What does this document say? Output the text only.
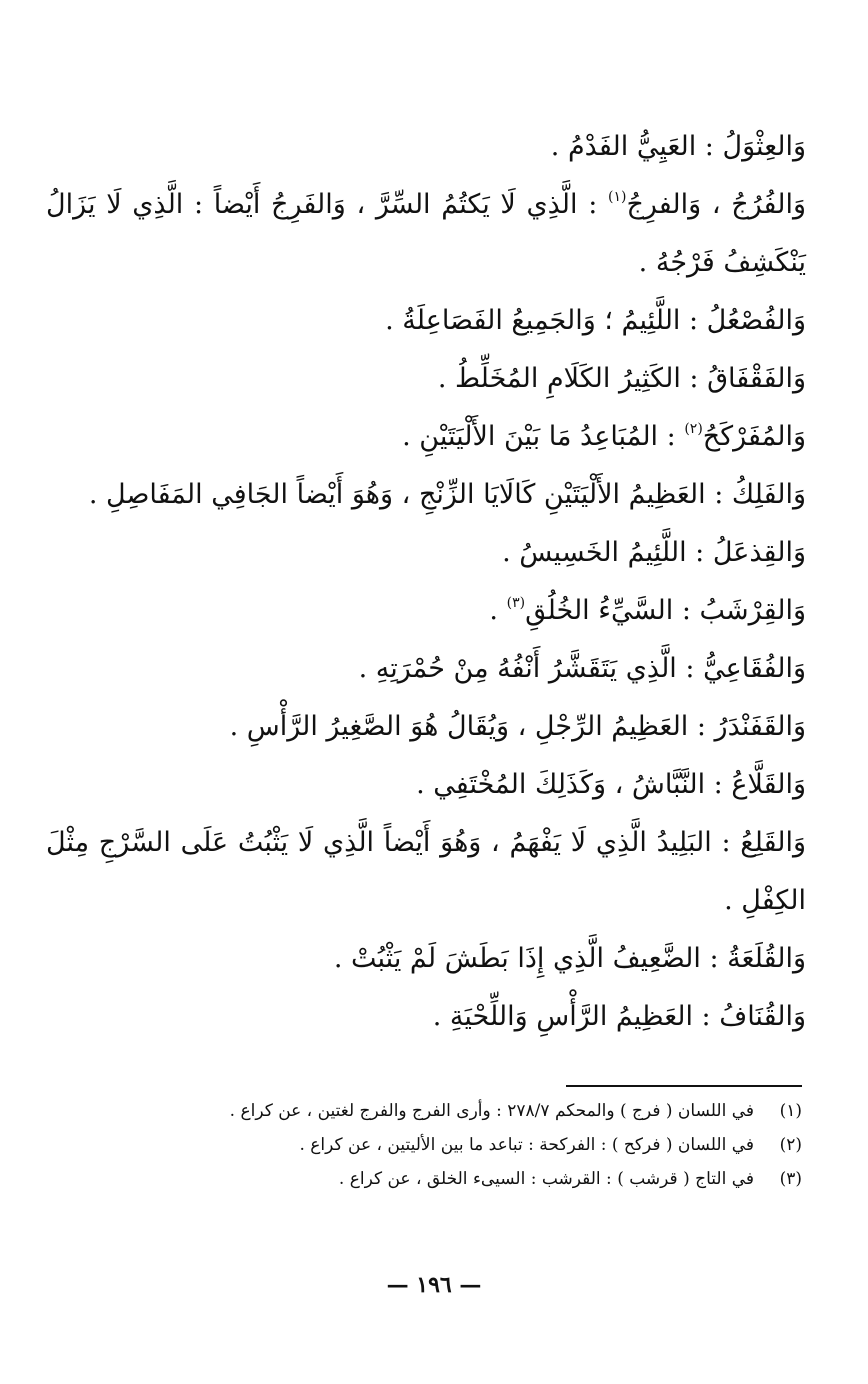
وَالعِثْوَلُ : العَيِيُّ الفَدْمُ .

وَالفُرُجُ ، وَالفرِجُ$^{(١)}$ : الَّذِي لَا يَكتُمُ السِّرَّ ، وَالفَرِجُ أَيْضاً : الَّذِي لَا يَزَالُ يَنْكَشِفُ فَرْجُهُ .

وَالفُصْعُلُ : اللَّئِيمُ ؛ وَالجَمِيعُ الفَصَاعِلَةُ .

وَالفَقْفَاقُ : الكَثِيرُ الكَلَامِ المُخَلِّطُ .

وَالمُفَرْكَحُ$^{(٢)}$ : المُبَاعِدُ مَا بَيْنَ الأَلْيَتَيْنِ .

وَالفَلِكُ : العَظِيمُ الأَلْيَتَيْنِ كَالَايَا الزِّنْجِ ، وَهُوَ أَيْضاً الجَافِي المَفَاصِلِ .

وَالقِذعَلُ : اللَّئِيمُ الخَسِيسُ .

وَالقِرْشَبُ : السَّيِّءُ الخُلُقِ$^{(٣)}$ .

وَالفُقَاعِيُّ : الَّذِي يَتَقَشَّرُ أَنْفُهُ مِنْ حُمْرَتِهِ .

وَالقَفَنْدَرُ : العَظِيمُ الرِّجْلِ ، وَيُقَالُ هُوَ الصَّغِيرُ الرَّأْسِ .

وَالقَلَّاعُ : النَّبَّاشُ ، وَكَذَلِكَ المُخْتَفِي .

وَالقَلِعُ : البَلِيدُ الَّذِي لَا يَفْهَمُ ، وَهُوَ أَيْضاً الَّذِي لَا يَثْبُتُ عَلَى السَّرْجِ مِثْلَ الكِفْلِ .

وَالقُلَعَةُ : الضَّعِيفُ الَّذِي إِذَا بَطَشَ لَمْ يَثْبُتْ .

وَالقُنَافُ : العَظِيمُ الرَّأْسِ وَاللِّحْيَةِ .

(١)في اللسان ( فرج ) والمحكم ٢٧٨/٧ : وأرى الفرج والفرج لغتين ، عن كراع .

(٢)في اللسان ( فركح ) : الفركحة : تباعد ما بين الأليتين ، عن كراع .

(٣)في التاج ( قرشب ) : القرشب : السيىء الخلق ، عن كراع .

— ١٩٦ —
